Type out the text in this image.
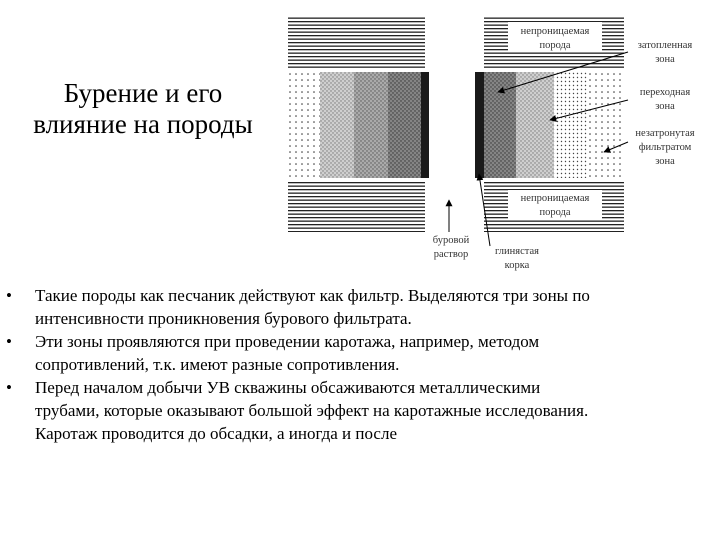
Бурение и его
влияние на породы
непроницаемая
порода	затопленная
зона
переходная
зона
незатронутая
фильтратом
зона
непроницаемая
порода
буровой
раствор	глинястая
корка
• Такие породы как песчаник действуют как фильтр. Выделяются три зоны по
интенсивности проникновения бурового фильтрата.
• Эти зоны проявляются при проведении каротажа, например, методом
сопротивлений, т.к. имеют разные сопротивления.
• Перед началом добычи УВ скважины обсаживаются металлическими
трубами, которые оказывают большой эффект на каротажные исследования.
Каротаж проводится до обсадки, а иногда и после
